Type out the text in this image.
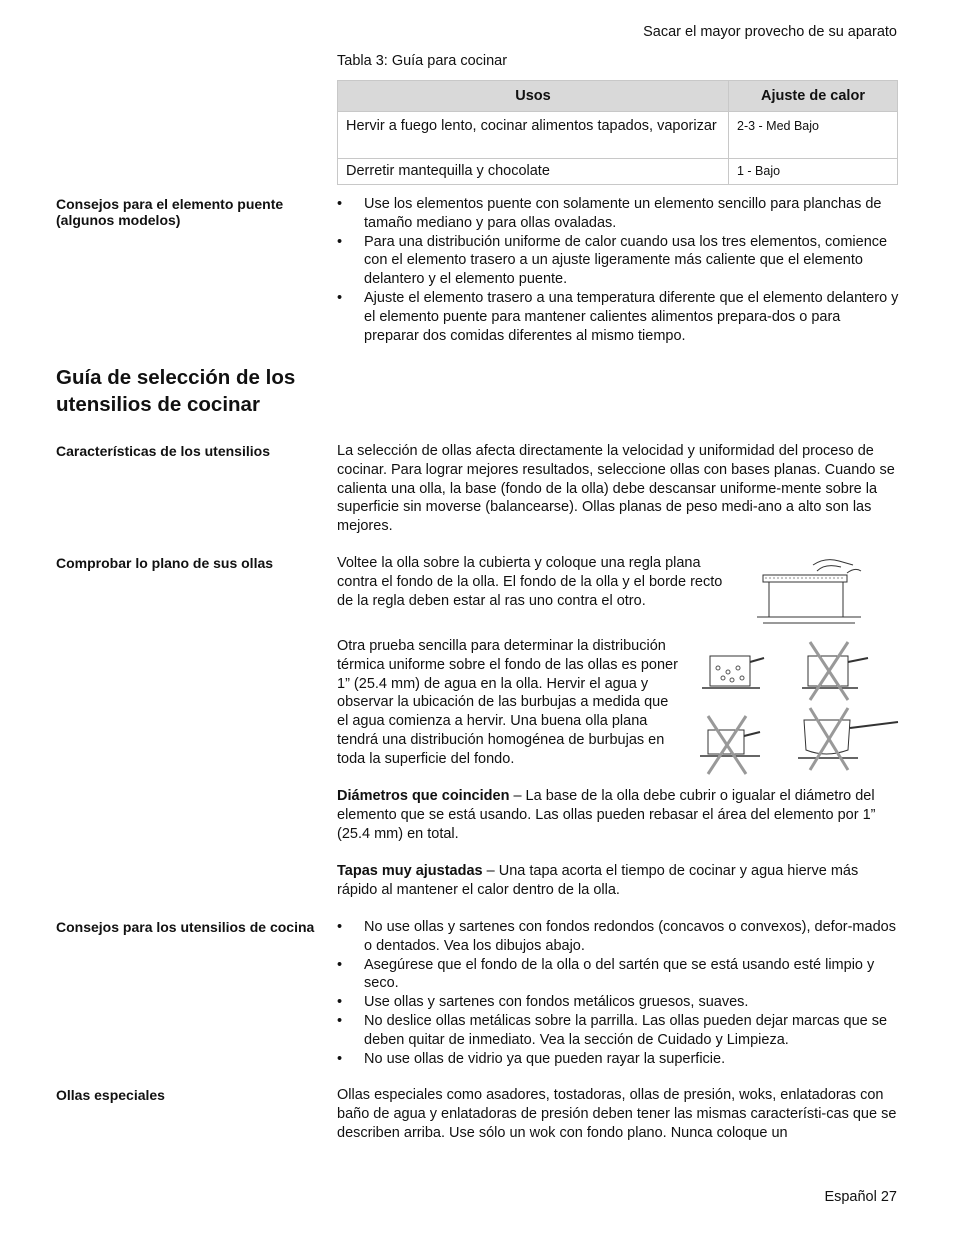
Sacar el mayor provecho de su aparato
Tabla 3: Guía para cocinar
Usos	Ajuste de calor
Hervir a fuego lento, cocinar alimentos tapados, vaporizar	2-3 - Med Bajo
Derretir mantequilla y chocolate	1 - Bajo
Consejos para el elemento puente (algunos modelos)
• Use los elementos puente con solamente un elemento sencillo para planchas de tamaño mediano y para ollas ovaladas.
• Para una distribución uniforme de calor cuando usa los tres elementos, comience con el elemento trasero a un ajuste ligeramente más caliente que el elemento delantero y el elemento puente.
• Ajuste el elemento trasero a una temperatura diferente que el elemento delantero y el elemento puente para mantener calientes alimentos prepara-dos o para preparar dos comidas diferentes al mismo tiempo.
Guía de selección de los utensilios de cocinar
Características de los utensilios	La selección de ollas afecta directamente la velocidad y uniformidad del proceso de cocinar. Para lograr mejores resultados, seleccione ollas con bases planas. Cuando se calienta una olla, la base (fondo de la olla) debe descansar uniforme-mente sobre la superficie sin moverse (balancearse). Ollas planas de peso medi-ano a alto son las mejores.

Comprobar lo plano de sus ollas	Voltee la olla sobre la cubierta y coloque una regla plana contra el fondo de la olla. El fondo de la olla y el borde recto de la regla deben estar al ras uno contra el otro.

Otra prueba sencilla para determinar la distribución térmica uniforme sobre el fondo de las ollas es poner 1” (25.4 mm) de agua en la olla. Hervir el agua y observar la ubicación de las burbujas a medida que el agua comienza a hervir. Una buena olla plana tendrá una distribución homogénea de burbujas en toda la superficie del fondo.

Diámetros que coinciden – La base de la olla debe cubrir o igualar el diámetro del elemento que se está usando. Las ollas pueden rebasar el área del elemento por 1” (25.4 mm) en total.

Tapas muy ajustadas – Una tapa acorta el tiempo de cocinar y agua hierve más rápido al mantener el calor dentro de la olla.

Consejos para los utensilios de cocina	• No use ollas y sartenes con fondos redondos (concavos o convexos), defor-mados o dentados. Vea los dibujos abajo.
• Asegúrese que el fondo de la olla o del sartén que se está usando esté limpio y seco.
• Use ollas y sartenes con fondos metálicos gruesos, suaves.
• No deslice ollas metálicas sobre la parrilla. Las ollas pueden dejar marcas que se deben quitar de inmediato. Vea la sección de Cuidado y Limpieza.
• No use ollas de vidrio ya que pueden rayar la superficie.
Ollas especiales	Ollas especiales como asadores, tostadoras, ollas de presión, woks, enlatadoras con baño de agua y enlatadoras de presión deben tener las mismas característi-cas que se describen arriba. Use sólo un wok con fondo plano. Nunca coloque un

Español 27
